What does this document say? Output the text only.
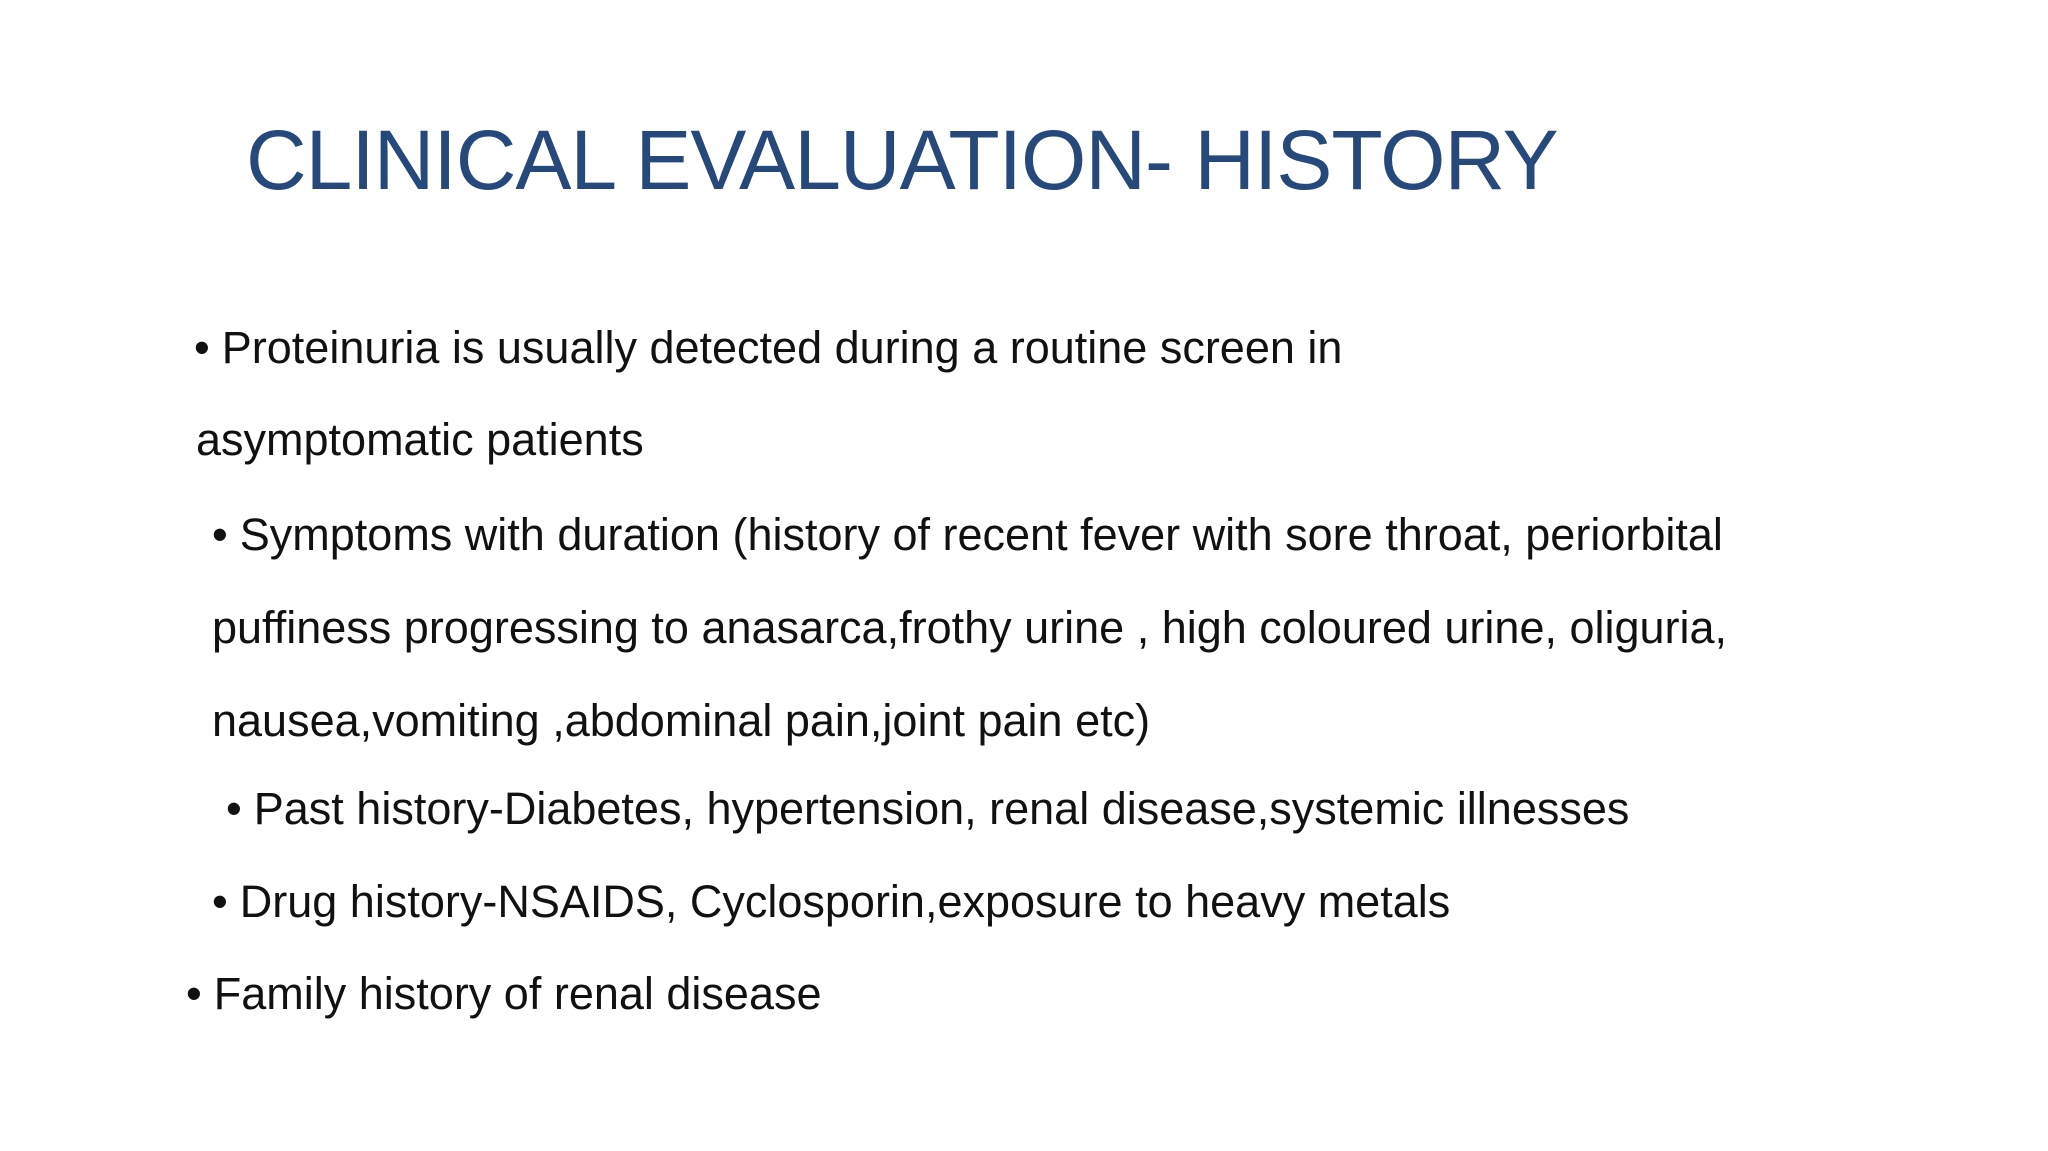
CLINICAL EVALUATION- HISTORY

• Proteinuria is usually detected during a routine screen in

asymptomatic patients

• Symptoms with duration (history of recent fever with sore throat, periorbital

puffiness progressing to anasarca,frothy urine , high coloured urine, oliguria,

nausea,vomiting ,abdominal pain,joint pain etc)

• Past history-Diabetes, hypertension, renal disease,systemic illnesses

• Drug history-NSAIDS, Cyclosporin,exposure to heavy metals

• Family history of renal disease
